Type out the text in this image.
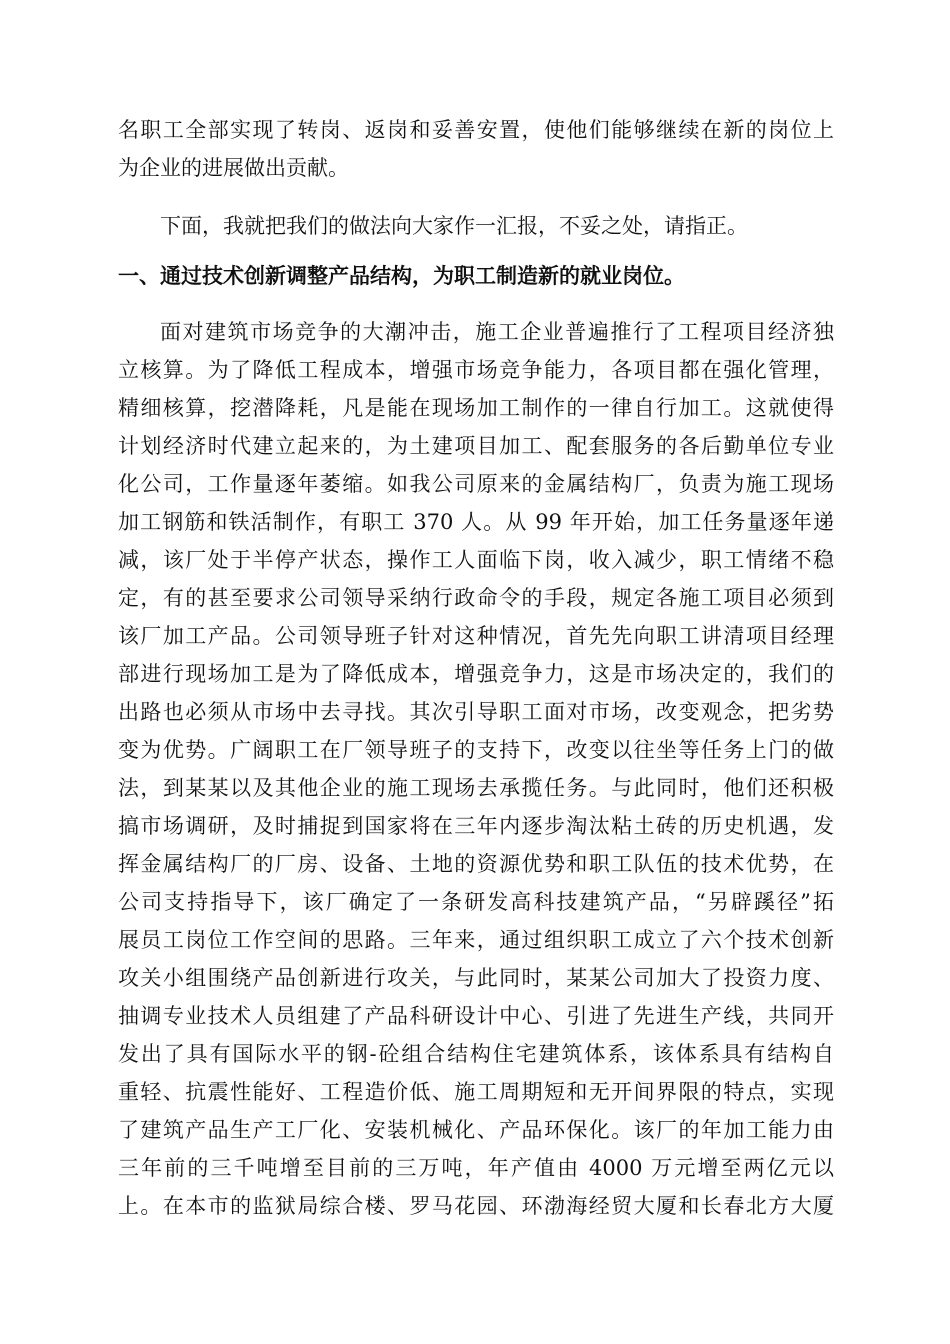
名职工全部实现了转岗、返岗和妥善安置，使他们能够继续在新的岗位上
为企业的进展做出贡献。
下面，我就把我们的做法向大家作一汇报，不妥之处，请指正。
一、通过技术创新调整产品结构，为职工制造新的就业岗位。
面对建筑市场竞争的大潮冲击，施工企业普遍推行了工程项目经济独
立核算。为了降低工程成本，增强市场竞争能力，各项目都在强化管理，
精细核算，挖潜降耗，凡是能在现场加工制作的一律自行加工。这就使得
计划经济时代建立起来的，为土建项目加工、配套服务的各后勤单位专业
化公司，工作量逐年萎缩。如我公司原来的金属结构厂，负责为施工现场
加工钢筋和铁活制作，有职工 370 人。从 99 年开始，加工任务量逐年递
减，该厂处于半停产状态，操作工人面临下岗，收入减少，职工情绪不稳
定，有的甚至要求公司领导采纳行政命令的手段，规定各施工项目必须到
该厂加工产品。公司领导班子针对这种情况，首先先向职工讲清项目经理
部进行现场加工是为了降低成本，增强竞争力，这是市场决定的，我们的
出路也必须从市场中去寻找。其次引导职工面对市场，改变观念，把劣势
变为优势。广阔职工在厂领导班子的支持下，改变以往坐等任务上门的做
法，到某某以及其他企业的施工现场去承揽任务。与此同时，他们还积极
搞市场调研，及时捕捉到国家将在三年内逐步淘汰粘土砖的历史机遇，发
挥金属结构厂的厂房、设备、土地的资源优势和职工队伍的技术优势，在
公司支持指导下，该厂确定了一条研发高科技建筑产品，“另辟蹊径”拓
展员工岗位工作空间的思路。三年来，通过组织职工成立了六个技术创新
攻关小组围绕产品创新进行攻关，与此同时，某某公司加大了投资力度、
抽调专业技术人员组建了产品科研设计中心、引进了先进生产线，共同开
发出了具有国际水平的钢-砼组合结构住宅建筑体系，该体系具有结构自
重轻、抗震性能好、工程造价低、施工周期短和无开间界限的特点，实现
了建筑产品生产工厂化、安装机械化、产品环保化。该厂的年加工能力由
三年前的三千吨增至目前的三万吨，年产值由 4000 万元增至两亿元以
上。在本市的监狱局综合楼、罗马花园、环渤海经贸大厦和长春北方大厦
